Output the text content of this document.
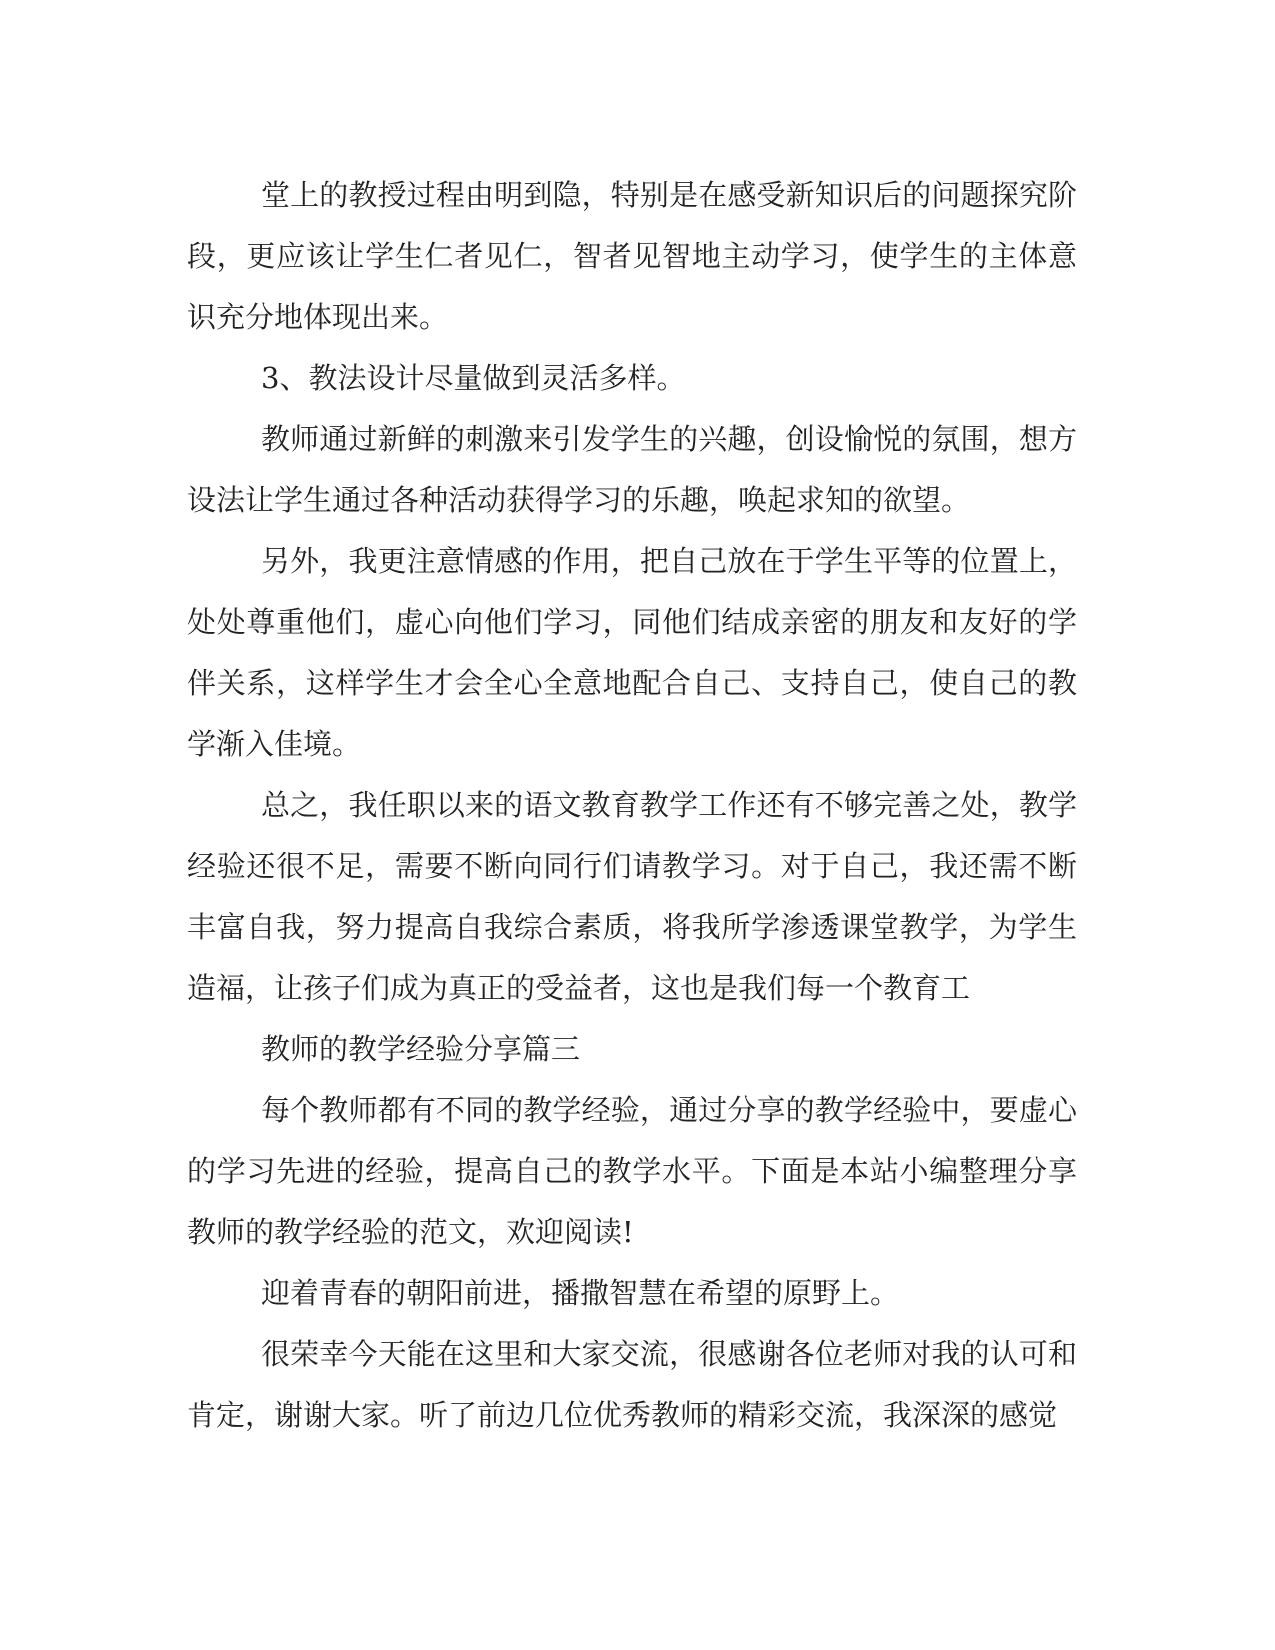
堂上的教授过程由明到隐，特别是在感受新知识后的问题探究阶段，更应该让学生仁者见仁，智者见智地主动学习，使学生的主体意识充分地体现出来。

3、教法设计尽量做到灵活多样。

教师通过新鲜的刺激来引发学生的兴趣，创设愉悦的氛围，想方设法让学生通过各种活动获得学习的乐趣，唤起求知的欲望。

另外，我更注意情感的作用，把自己放在于学生平等的位置上，处处尊重他们，虚心向他们学习，同他们结成亲密的朋友和友好的学伴关系，这样学生才会全心全意地配合自己、支持自己，使自己的教学渐入佳境。

总之，我任职以来的语文教育教学工作还有不够完善之处，教学经验还很不足，需要不断向同行们请教学习。对于自己，我还需不断丰富自我，努力提高自我综合素质，将我所学渗透课堂教学，为学生造福，让孩子们成为真正的受益者，这也是我们每一个教育工

教师的教学经验分享篇三

每个教师都有不同的教学经验，通过分享的教学经验中，要虚心的学习先进的经验，提高自己的教学水平。下面是本站小编整理分享教师的教学经验的范文，欢迎阅读!

迎着青春的朝阳前进，播撒智慧在希望的原野上。

很荣幸今天能在这里和大家交流，很感谢各位老师对我的认可和肯定，谢谢大家。听了前边几位优秀教师的精彩交流，我深深的感觉
